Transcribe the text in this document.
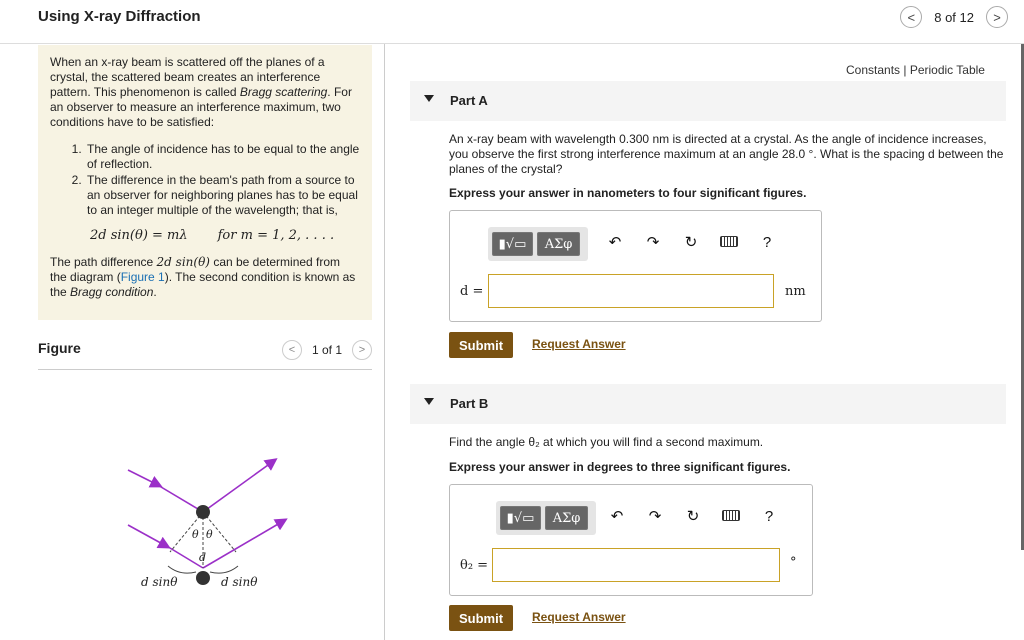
Using X-ray Diffraction	< 8 of 12 >

When an x-ray beam is scattered off the planes of a crystal, the scattered beam creates an interference pattern. This phenomenon is called Bragg scattering. For an observer to measure an interference maximum, two conditions have to be satisfied:

1. The angle of incidence has to be equal to the angle of reflection.
2. The difference in the beam's path from a source to an observer for neighboring planes has to be equal to an integer multiple of the wavelength; that is,
2d sin(θ) = mλ for m = 1, 2, . . . .

The path difference 2d sin(θ) can be determined from the diagram (Figure 1). The second condition is known as the Bragg condition.

Figure	< 1 of 1 >
θ θ
d
d sinθ	d sinθ
Constants | Periodic Table
Part A
An x-ray beam with wavelength 0.300 nm is directed at a crystal. As the angle of incidence increases, you observe the first strong interference maximum at an angle 28.0 °. What is the spacing d between the planes of the crystal?
Express your answer in nanometers to four significant figures.
▮√▭	ΑΣφ	↶ ↷ ↻	?
d =	nm
Submit	Request Answer
Part B
Find the angle θ₂ at which you will find a second maximum.
Express your answer in degrees to three significant figures.
▮√▭	ΑΣφ	↶ ↷ ↻	?
θ₂ =	°
Submit	Request Answer
